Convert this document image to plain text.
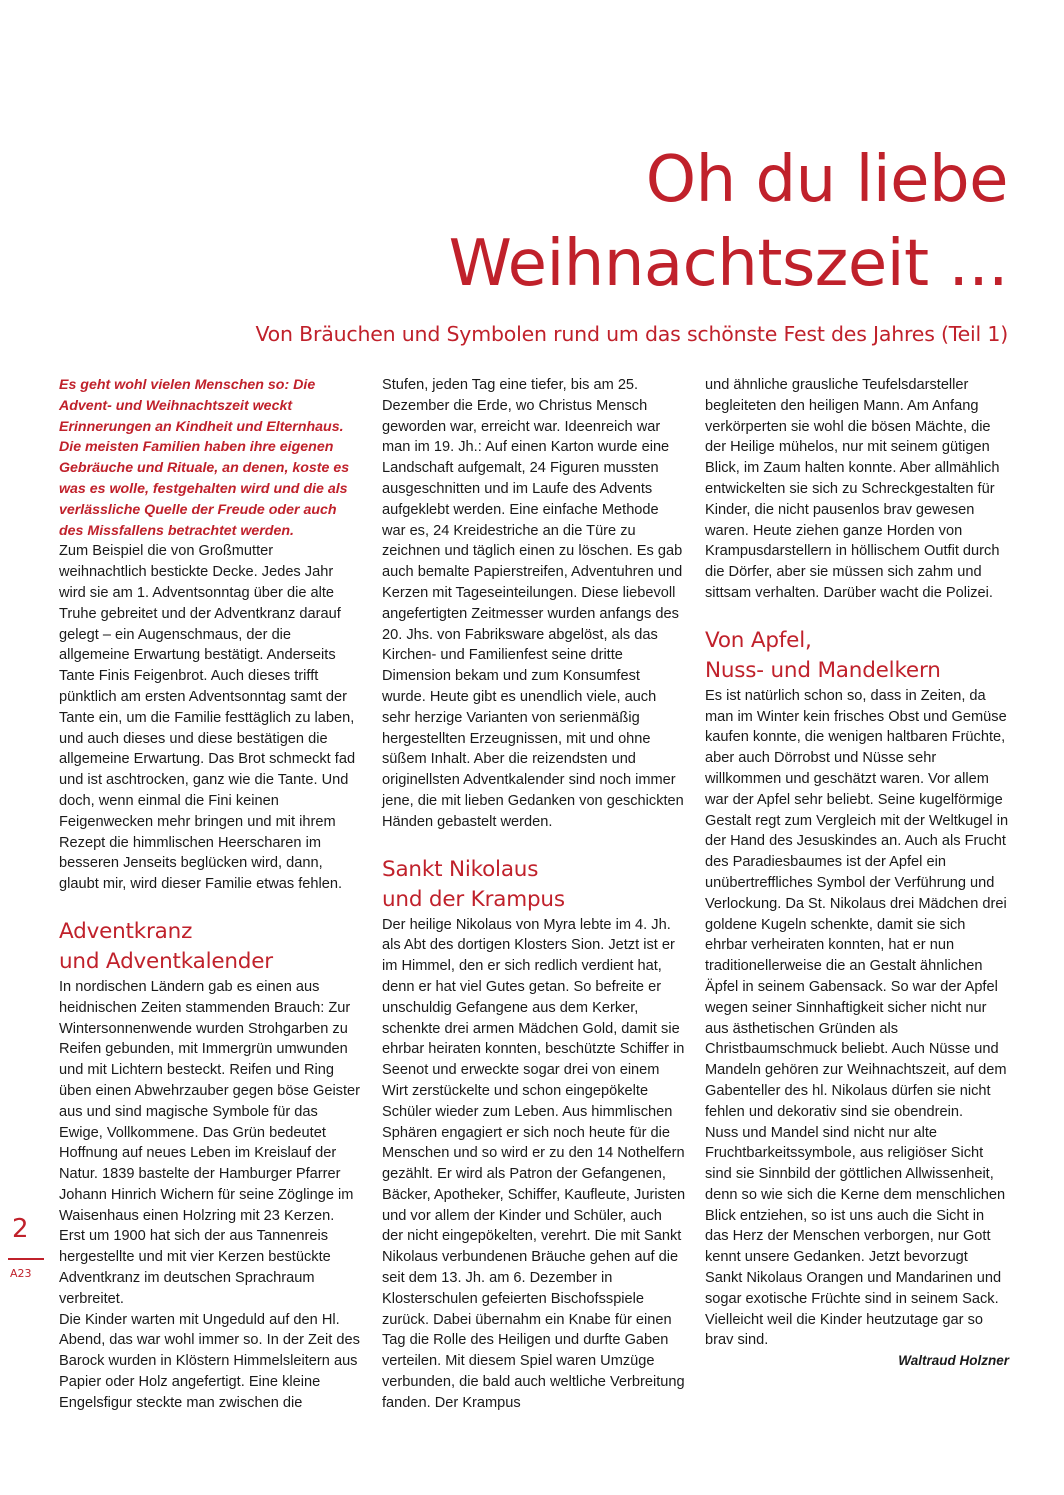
Oh du liebe
Weihnachtszeit ...
Von Bräuchen und Symbolen rund um das schönste Fest des Jahres (Teil 1)

Es geht wohl vielen Menschen so: Die Advent- und Weihnachtszeit weckt Erinnerungen an Kindheit und Elternhaus. Die meisten Familien haben ihre eigenen Gebräuche und Rituale, an denen, koste es was es wolle, festgehalten wird und die als verlässliche Quelle der Freude oder auch des Missfallens betrachtet werden.

Zum Beispiel die von Großmutter weihnachtlich bestickte Decke. Jedes Jahr wird sie am 1. Adventsonntag über die alte Truhe gebreitet und der Adventkranz darauf gelegt – ein Augenschmaus, der die allgemeine Erwartung bestätigt. Anderseits Tante Finis Feigenbrot. Auch dieses trifft pünktlich am ersten Adventsonntag samt der Tante ein, um die Familie festtäglich zu laben, und auch dieses und diese bestätigen die allgemeine Erwartung. Das Brot schmeckt fad und ist aschtrocken, ganz wie die Tante. Und doch, wenn einmal die Fini keinen Feigenwecken mehr bringen und mit ihrem Rezept die himmlischen Heerscharen im besseren Jenseits beglücken wird, dann, glaubt mir, wird dieser Familie etwas fehlen.

Adventkranz
und Adventkalender

In nordischen Ländern gab es einen aus heidnischen Zeiten stammenden Brauch: Zur Wintersonnenwende wurden Strohgarben zu Reifen gebunden, mit Immergrün umwunden und mit Lichtern besteckt. Reifen und Ring üben einen Abwehrzauber gegen böse Geister aus und sind magische Symbole für das Ewige, Vollkommene. Das Grün bedeutet Hoffnung auf neues Leben im Kreislauf der Natur. 1839 bastelte der Hamburger Pfarrer Johann Hinrich Wichern für seine Zöglinge im Waisenhaus einen Holzring mit 23 Kerzen. Erst um 1900 hat sich der aus Tannenreis hergestellte und mit vier Kerzen bestückte Adventkranz im deutschen Sprachraum verbreitet.

Die Kinder warten mit Ungeduld auf den Hl. Abend, das war wohl immer so. In der Zeit des Barock wurden in Klöstern Himmelsleitern aus Papier oder Holz angefertigt. Eine kleine Engelsfigur steckte man zwischen die

Stufen, jeden Tag eine tiefer, bis am 25. Dezember die Erde, wo Christus Mensch geworden war, erreicht war. Ideenreich war man im 19. Jh.: Auf einen Karton wurde eine Landschaft aufgemalt, 24 Figuren mussten ausgeschnitten und im Laufe des Advents aufgeklebt werden. Eine einfache Methode war es, 24 Kreidestriche an die Türe zu zeichnen und täglich einen zu löschen. Es gab auch bemalte Papierstreifen, Adventuhren und Kerzen mit Tageseinteilungen. Diese liebevoll angefertigten Zeitmesser wurden anfangs des 20. Jhs. von Fabriksware abgelöst, als das Kirchen- und Familienfest seine dritte Dimension bekam und zum Konsumfest wurde. Heute gibt es unendlich viele, auch sehr herzige Varianten von serienmäßig hergestellten Erzeugnissen, mit und ohne süßem Inhalt. Aber die reizendsten und originellsten Adventkalender sind noch immer jene, die mit lieben Gedanken von geschickten Händen gebastelt werden.

Sankt Nikolaus
und der Krampus

Der heilige Nikolaus von Myra lebte im 4. Jh. als Abt des dortigen Klosters Sion. Jetzt ist er im Himmel, den er sich redlich verdient hat, denn er hat viel Gutes getan. So befreite er unschuldig Gefangene aus dem Kerker, schenkte drei armen Mädchen Gold, damit sie ehrbar heiraten konnten, beschützte Schiffer in Seenot und erweckte sogar drei von einem Wirt zerstückelte und schon eingepökelte Schüler wieder zum Leben. Aus himmlischen Sphären engagiert er sich noch heute für die Menschen und so wird er zu den 14 Nothelfern gezählt. Er wird als Patron der Gefangenen, Bäcker, Apotheker, Schiffer, Kaufleute, Juristen und vor allem der Kinder und Schüler, auch der nicht eingepökelten, verehrt. Die mit Sankt Nikolaus verbundenen Bräuche gehen auf die seit dem 13. Jh. am 6. Dezember in Klosterschulen gefeierten Bischofsspiele zurück. Dabei übernahm ein Knabe für einen Tag die Rolle des Heiligen und durfte Gaben verteilen. Mit diesem Spiel waren Umzüge verbunden, die bald auch weltliche Verbreitung fanden. Der Krampus

und ähnliche grausliche Teufelsdarsteller begleiteten den heiligen Mann. Am Anfang verkörperten sie wohl die bösen Mächte, die der Heilige mühelos, nur mit seinem gütigen Blick, im Zaum halten konnte. Aber allmählich entwickelten sie sich zu Schreckgestalten für Kinder, die nicht pausenlos brav gewesen waren. Heute ziehen ganze Horden von Krampusdarstellern in höllischem Outfit durch die Dörfer, aber sie müssen sich zahm und sittsam verhalten. Darüber wacht die Polizei.

Von Apfel,
Nuss- und Mandelkern

Es ist natürlich schon so, dass in Zeiten, da man im Winter kein frisches Obst und Gemüse kaufen konnte, die wenigen haltbaren Früchte, aber auch Dörrobst und Nüsse sehr willkommen und geschätzt waren. Vor allem war der Apfel sehr beliebt. Seine kugelförmige Gestalt regt zum Vergleich mit der Weltkugel in der Hand des Jesuskindes an. Auch als Frucht des Paradiesbaumes ist der Apfel ein unübertreffliches Symbol der Verführung und Verlockung. Da St. Nikolaus drei Mädchen drei goldene Kugeln schenkte, damit sie sich ehrbar verheiraten konnten, hat er nun traditionellerweise die an Gestalt ähnlichen Äpfel in seinem Gabensack. So war der Apfel wegen seiner Sinnhaftigkeit sicher nicht nur aus ästhetischen Gründen als Christbaumschmuck beliebt. Auch Nüsse und Mandeln gehören zur Weihnachtszeit, auf dem Gabenteller des hl. Nikolaus dürfen sie nicht fehlen und dekorativ sind sie obendrein.

Nuss und Mandel sind nicht nur alte Fruchtbarkeitssymbole, aus religiöser Sicht sind sie Sinnbild der göttlichen Allwissenheit, denn so wie sich die Kerne dem menschlichen Blick entziehen, so ist uns auch die Sicht in das Herz der Menschen verborgen, nur Gott kennt unsere Gedanken. Jetzt bevorzugt Sankt Nikolaus Orangen und Mandarinen und sogar exotische Früchte sind in seinem Sack. Vielleicht weil die Kinder heutzutage gar so brav sind.

Waltraud Holzner

2
A23
